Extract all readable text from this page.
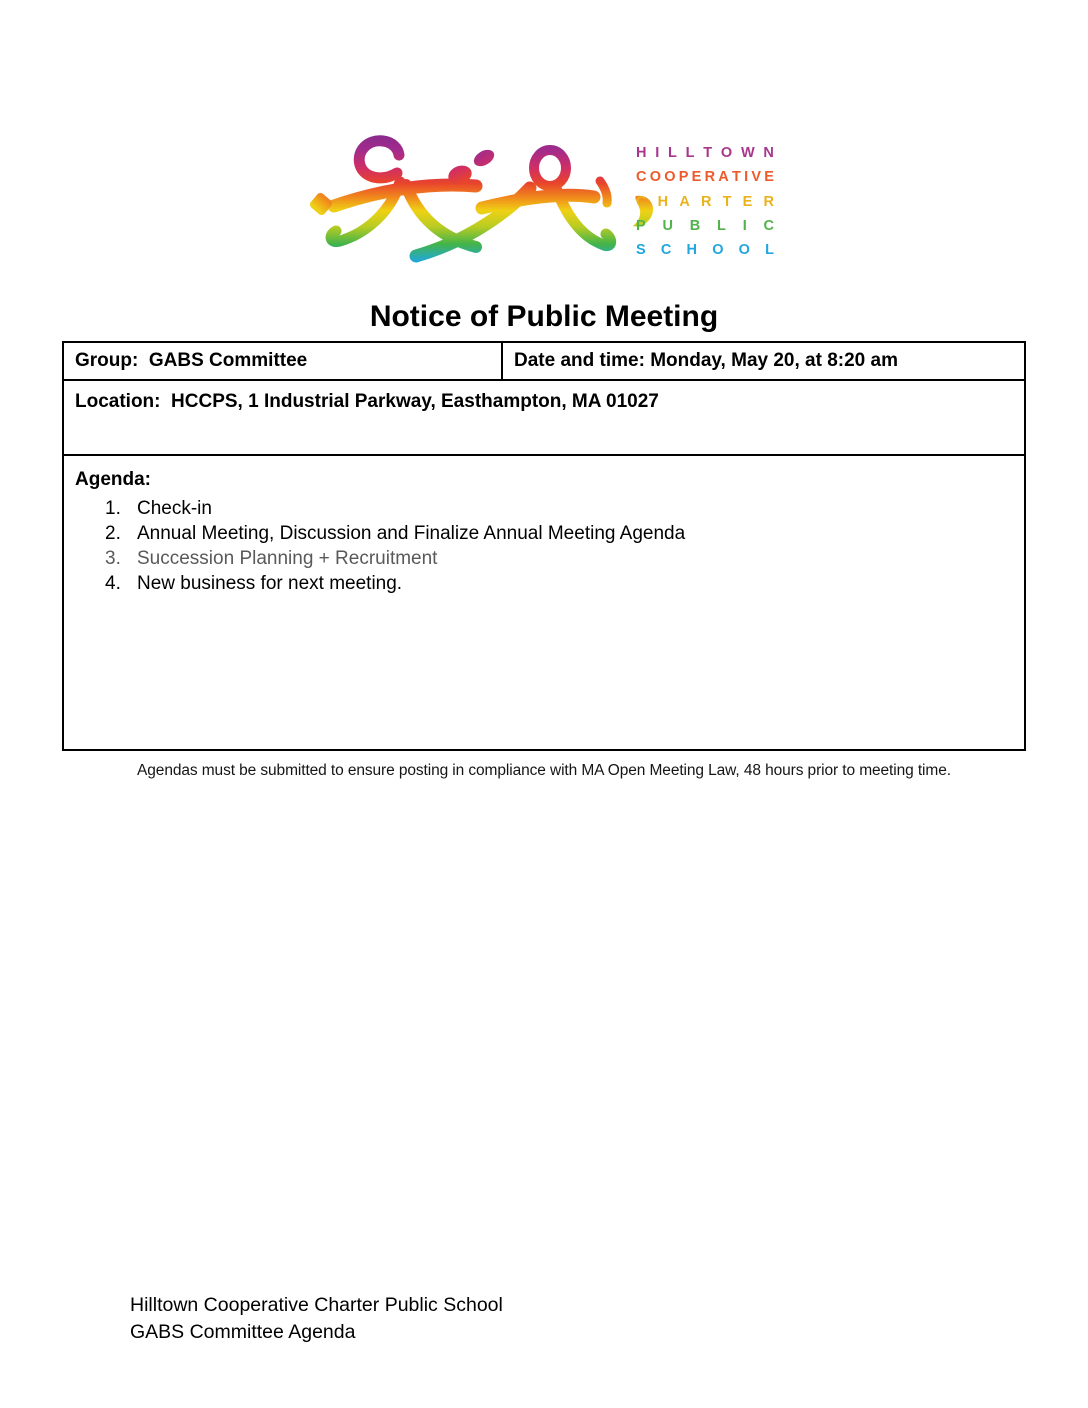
H I L L T O W N
C O O P E R A T I V E
C H A R T E R
P U B L I C
S C H O O L
Notice of Public Meeting
Group:  GABS Committee	Date and time: Monday, May 20, at 8:20 am
Location:  HCCPS, 1 Industrial Parkway, Easthampton, MA 01027
Agenda:
1. Check-in
2. Annual Meeting, Discussion and Finalize Annual Meeting Agenda
3. Succession Planning + Recruitment
4. New business for next meeting.
Agendas must be submitted to ensure posting in compliance with MA Open Meeting Law, 48 hours prior to meeting time.
Hilltown Cooperative Charter Public School
GABS Committee Agenda
